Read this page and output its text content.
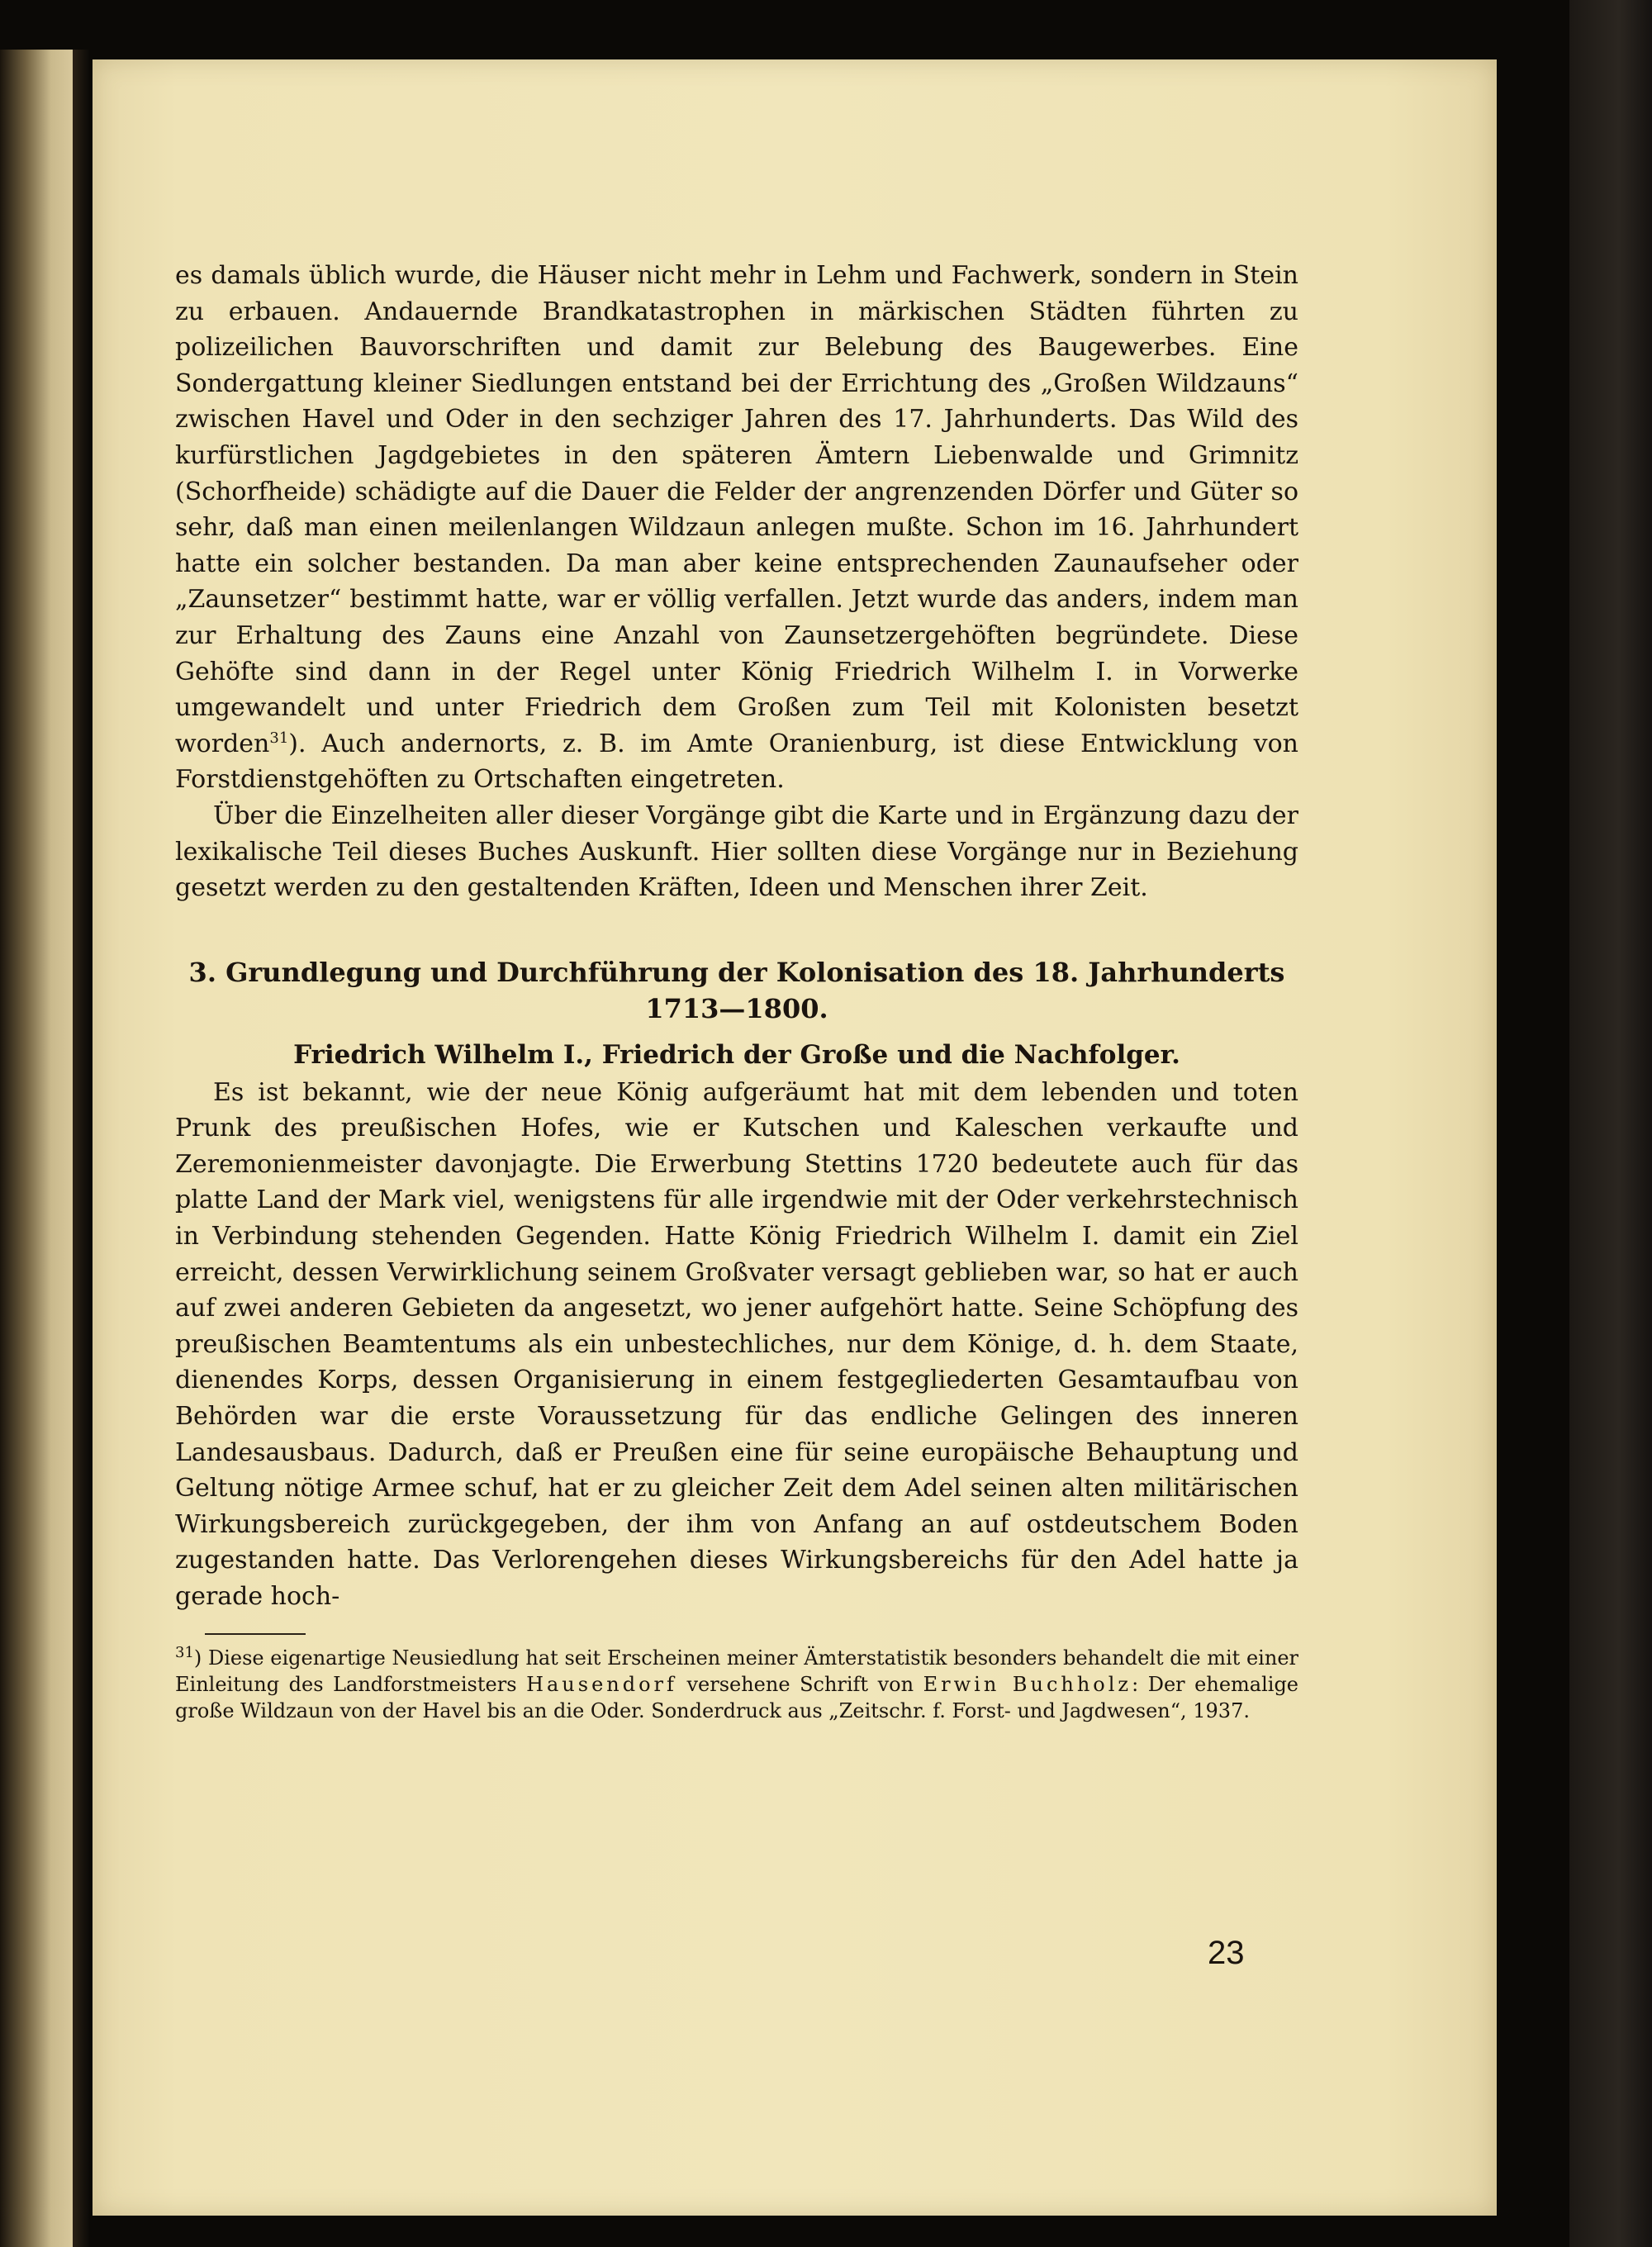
es damals üblich wurde, die Häuser nicht mehr in Lehm und Fachwerk, sondern in Stein zu erbauen. Andauernde Brandkatastrophen in märkischen Städten führten zu polizeilichen Bauvorschriften und damit zur Belebung des Baugewerbes. Eine Sondergattung kleiner Siedlungen entstand bei der Errichtung des „Großen Wildzauns“ zwischen Havel und Oder in den sechziger Jahren des 17. Jahrhunderts. Das Wild des kurfürstlichen Jagdgebietes in den späteren Ämtern Liebenwalde und Grimnitz (Schorfheide) schädigte auf die Dauer die Felder der angrenzenden Dörfer und Güter so sehr, daß man einen meilenlangen Wildzaun anlegen mußte. Schon im 16. Jahrhundert hatte ein solcher bestanden. Da man aber keine entsprechenden Zaunaufseher oder „Zaunsetzer“ bestimmt hatte, war er völlig verfallen. Jetzt wurde das anders, indem man zur Erhaltung des Zauns eine Anzahl von Zaunsetzergehöften begründete. Diese Gehöfte sind dann in der Regel unter König Friedrich Wilhelm I. in Vorwerke umgewandelt und unter Friedrich dem Großen zum Teil mit Kolonisten besetzt worden$^{31}$). Auch andernorts, z. B. im Amte Oranienburg, ist diese Entwicklung von Forstdienstgehöften zu Ortschaften eingetreten.

Über die Einzelheiten aller dieser Vorgänge gibt die Karte und in Ergänzung dazu der lexikalische Teil dieses Buches Auskunft. Hier sollten diese Vorgänge nur in Beziehung gesetzt werden zu den gestaltenden Kräften, Ideen und Menschen ihrer Zeit.

3. Grundlegung und Durchführung der Kolonisation des 18. Jahrhunderts
1713—1800.
Friedrich Wilhelm I., Friedrich der Große und die Nachfolger.

Es ist bekannt, wie der neue König aufgeräumt hat mit dem lebenden und toten Prunk des preußischen Hofes, wie er Kutschen und Kaleschen verkaufte und Zeremonienmeister davonjagte. Die Erwerbung Stettins 1720 bedeutete auch für das platte Land der Mark viel, wenigstens für alle irgendwie mit der Oder verkehrstechnisch in Verbindung stehenden Gegenden. Hatte König Friedrich Wilhelm I. damit ein Ziel erreicht, dessen Verwirklichung seinem Großvater versagt geblieben war, so hat er auch auf zwei anderen Gebieten da angesetzt, wo jener aufgehört hatte. Seine Schöpfung des preußischen Beamtentums als ein unbestechliches, nur dem Könige, d. h. dem Staate, dienendes Korps, dessen Organisierung in einem festgegliederten Gesamtaufbau von Behörden war die erste Voraussetzung für das endliche Gelingen des inneren Landesausbaus. Dadurch, daß er Preußen eine für seine europäische Behauptung und Geltung nötige Armee schuf, hat er zu gleicher Zeit dem Adel seinen alten militärischen Wirkungsbereich zurückgegeben, der ihm von Anfang an auf ostdeutschem Boden zugestanden hatte. Das Verlorengehen dieses Wirkungsbereichs für den Adel hatte ja gerade hoch-

$^{31}$) Diese eigenartige Neusiedlung hat seit Erscheinen meiner Ämterstatistik besonders behandelt die mit einer Einleitung des Landforstmeisters Hausendorf versehene Schrift von Erwin Buchholz: Der ehemalige große Wildzaun von der Havel bis an die Oder. Sonderdruck aus „Zeitschr. f. Forst- und Jagdwesen“, 1937.

23
